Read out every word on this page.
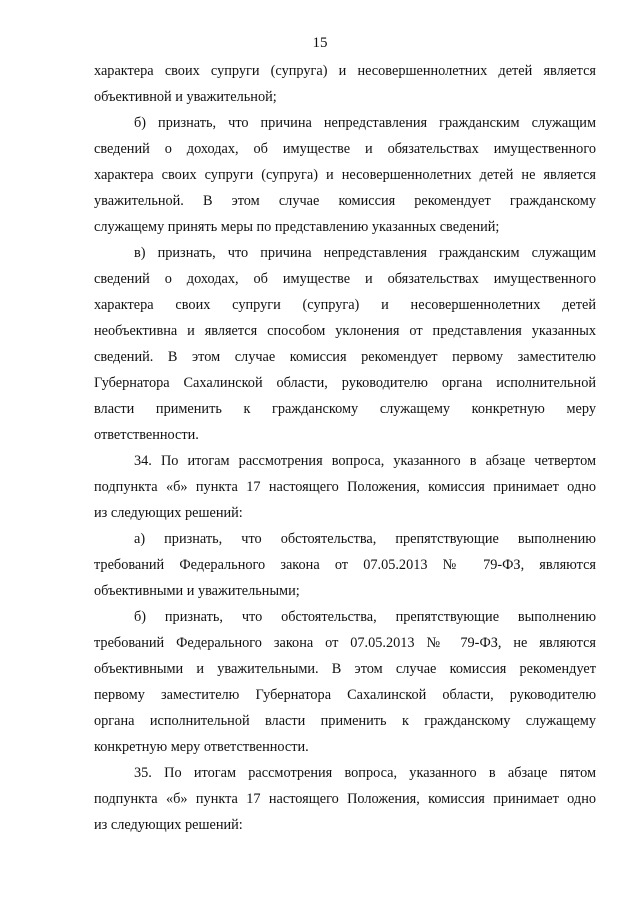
15
характера своих супруги (супруга) и несовершеннолетних детей является
объективной и уважительной;
б) признать, что причина непредставления гражданским служащим
сведений о доходах, об имуществе и обязательствах имущественного
характера своих супруги (супруга) и несовершеннолетних детей не является
уважительной. В этом случае комиссия рекомендует гражданскому
служащему принять меры по представлению указанных сведений;
в) признать, что причина непредставления гражданским служащим
сведений о доходах, об имуществе и обязательствах имущественного
характера своих супруги (супруга) и несовершеннолетних детей
необъективна и является способом уклонения от представления указанных
сведений. В этом случае комиссия рекомендует первому заместителю
Губернатора Сахалинской области, руководителю органа исполнительной
власти применить к гражданскому служащему конкретную меру
ответственности.
34. По итогам рассмотрения вопроса, указанного в абзаце четвертом
подпункта «б» пункта 17 настоящего Положения, комиссия принимает одно
из следующих решений:
а) признать, что обстоятельства, препятствующие выполнению
требований Федерального закона от 07.05.2013 № 79-ФЗ, являются
объективными и уважительными;
б) признать, что обстоятельства, препятствующие выполнению
требований Федерального закона от 07.05.2013 № 79-ФЗ, не являются
объективными и уважительными. В этом случае комиссия рекомендует
первому заместителю Губернатора Сахалинской области, руководителю
органа исполнительной власти применить к гражданскому служащему
конкретную меру ответственности.
35. По итогам рассмотрения вопроса, указанного в абзаце пятом
подпункта «б» пункта 17 настоящего Положения, комиссия принимает одно
из следующих решений:
